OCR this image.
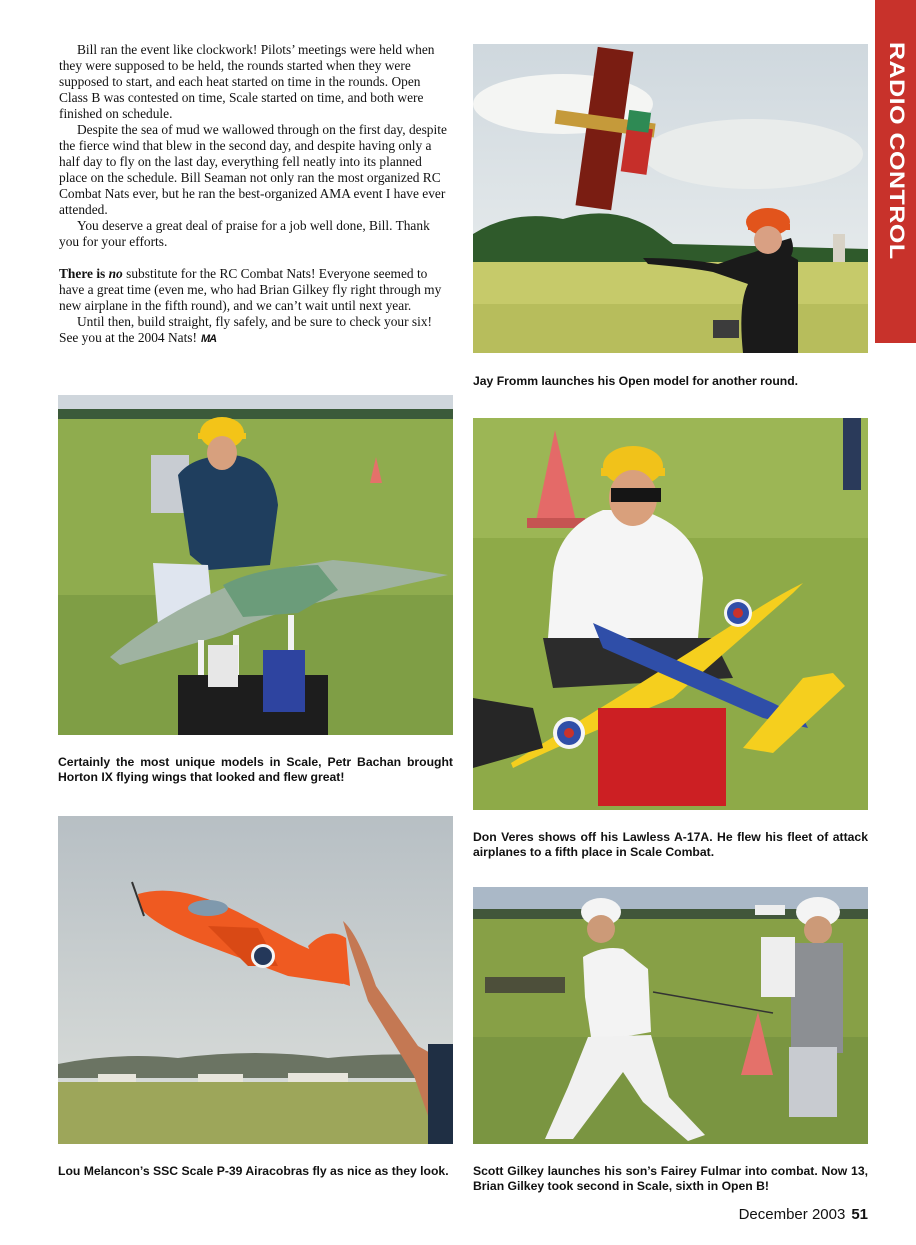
RADIO CONTROL

Bill ran the event like clockwork! Pilots’ meetings were held when they were supposed to be held, the rounds started when they were supposed to start, and each heat started on time in the rounds. Open Class B was contested on time, Scale started on time, and both were finished on schedule.

Despite the sea of mud we wallowed through on the first day, despite the fierce wind that blew in the second day, and despite having only a half day to fly on the last day, everything fell neatly into its planned place on the schedule. Bill Seaman not only ran the most organized RC Combat Nats ever, but he ran the best-organized AMA event I have ever attended.

You deserve a great deal of praise for a job well done, Bill. Thank you for your efforts.

There is no substitute for the RC Combat Nats! Everyone seemed to have a great time (even me, who had Brian Gilkey fly right through my new airplane in the fifth round), and we can’t wait until next year.

Until then, build straight, fly safely, and be sure to check your six! See you at the 2004 Nats! MA

Jay Fromm launches his Open model for another round.
Certainly the most unique models in Scale, Petr Bachan brought Horton IX flying wings that looked and flew great!
Don Veres shows off his Lawless A-17A. He flew his fleet of attack airplanes to a fifth place in Scale Combat.
Lou Melancon’s SSC Scale P-39 Airacobras fly as nice as they look.	Scott Gilkey launches his son’s Fairey Fulmar into combat. Now 13, Brian Gilkey took second in Scale, sixth in Open B!
December 2003 51
